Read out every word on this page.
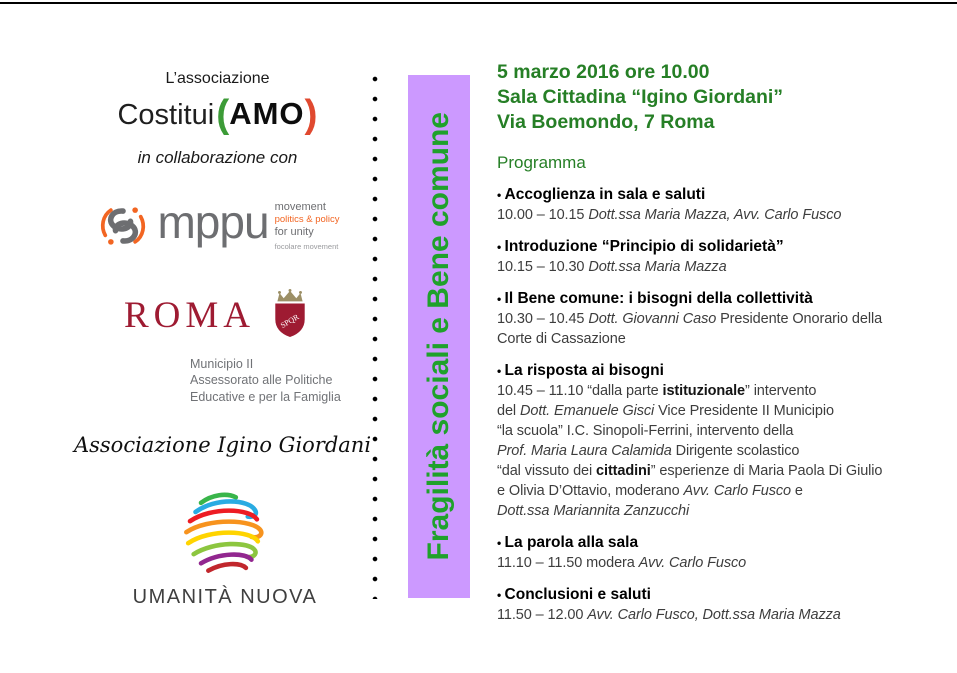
L’associazione
Costitui(AMO)
in collaborazione con
mppu movement
politics & policy
for unity
focolare movement
ROMA	SPQR
Municipio II
Assessorato alle Politiche
Educative e per la Famiglia
Associazione Igino Giordani
UMANITÀ NUOVA
Fragilità sociali e Bene comune
5 marzo 2016 ore 10.00
Sala Cittadina “Igino Giordani”
Via Boemondo, 7 Roma
Programma
• Accoglienza in sala e saluti
10.00 – 10.15 Dott.ssa Maria Mazza, Avv. Carlo Fusco
• Introduzione “Principio di solidarietà”
10.15 – 10.30 Dott.ssa Maria Mazza
• Il Bene comune: i bisogni della collettività
10.30 – 10.45 Dott. Giovanni Caso Presidente Onorario della
Corte di Cassazione
• La risposta ai bisogni
10.45 – 11.10 “dalla parte istituzionale” intervento
del Dott. Emanuele Gisci Vice Presidente II Municipio
“la scuola” I.C. Sinopoli-Ferrini, intervento della
Prof. Maria Laura Calamida Dirigente scolastico
“dal vissuto dei cittadini” esperienze di Maria Paola Di Giulio
e Olivia D’Ottavio, moderano Avv. Carlo Fusco e
Dott.ssa Mariannita Zanzucchi
• La parola alla sala
11.10 – 11.50 modera Avv. Carlo Fusco
• Conclusioni e saluti
11.50 – 12.00 Avv. Carlo Fusco, Dott.ssa Maria Mazza
